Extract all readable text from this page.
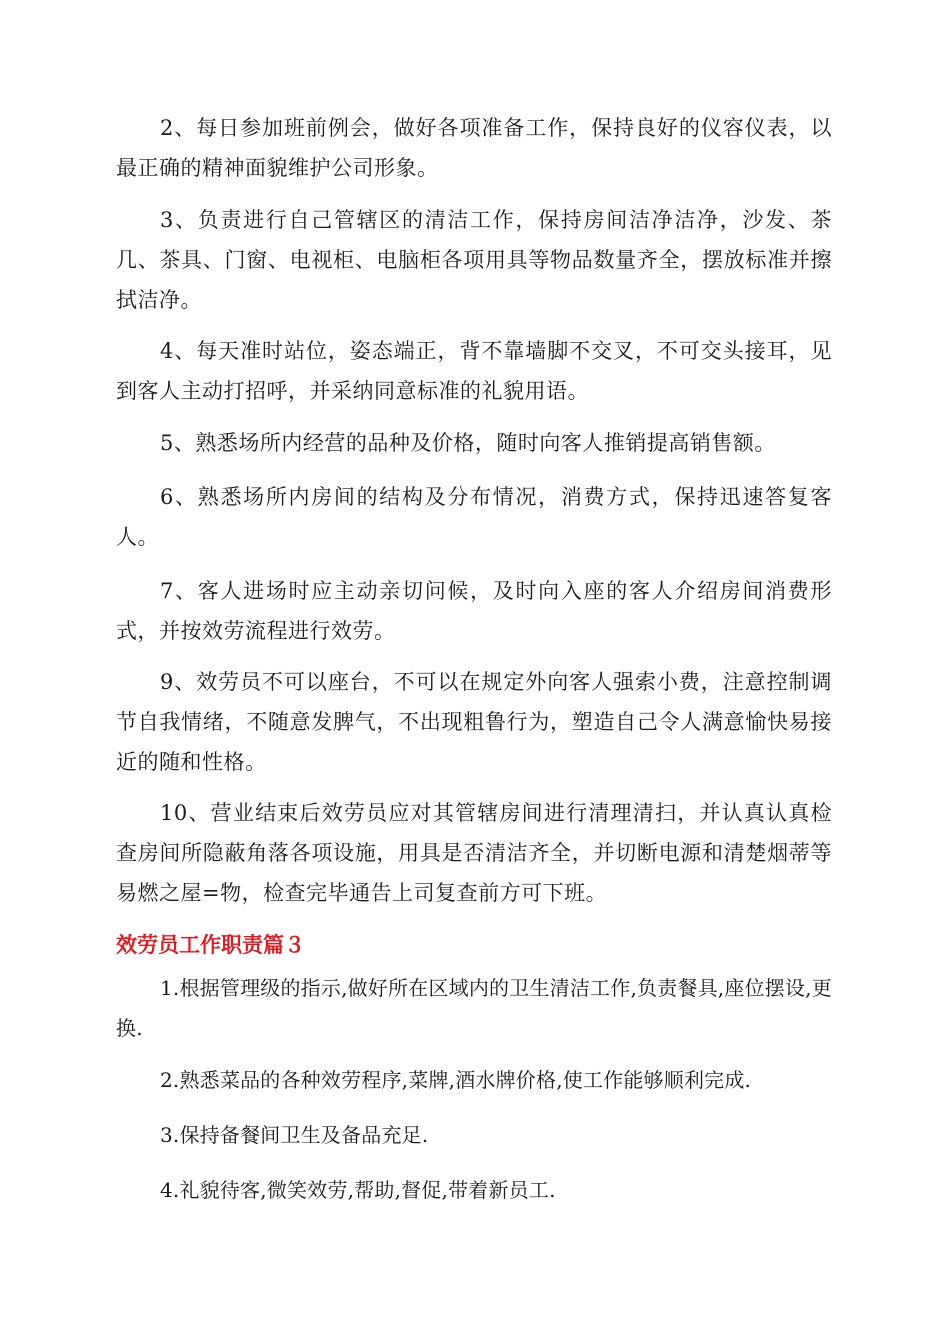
2、每日参加班前例会，做好各项准备工作，保持良好的仪容仪表，以最正确的精神面貌维护公司形象。

3、负责进行自己管辖区的清洁工作，保持房间洁净洁净，沙发、茶几、茶具、门窗、电视柜、电脑柜各项用具等物品数量齐全，摆放标准并擦拭洁净。

4、每天准时站位，姿态端正，背不靠墙脚不交叉，不可交头接耳，见到客人主动打招呼，并采纳同意标准的礼貌用语。

5、熟悉场所内经营的品种及价格，随时向客人推销提高销售额。

6、熟悉场所内房间的结构及分布情况，消费方式，保持迅速答复客人。

7、客人进场时应主动亲切问候，及时向入座的客人介绍房间消费形式，并按效劳流程进行效劳。

9、效劳员不可以座台，不可以在规定外向客人强索小费，注意控制调节自我情绪，不随意发脾气，不出现粗鲁行为，塑造自己令人满意愉快易接近的随和性格。

10、营业结束后效劳员应对其管辖房间进行清理清扫，并认真认真检查房间所隐蔽角落各项设施，用具是否清洁齐全，并切断电源和清楚烟蒂等易燃之屋=物，检查完毕通告上司复查前方可下班。

效劳员工作职责篇３

1.根据管理级的指示,做好所在区域内的卫生清洁工作,负责餐具,座位摆设,更换.

2.熟悉菜品的各种效劳程序,菜牌,酒水牌价格,使工作能够顺利完成.

3.保持备餐间卫生及备品充足.

4.礼貌待客,微笑效劳,帮助,督促,带着新员工.
